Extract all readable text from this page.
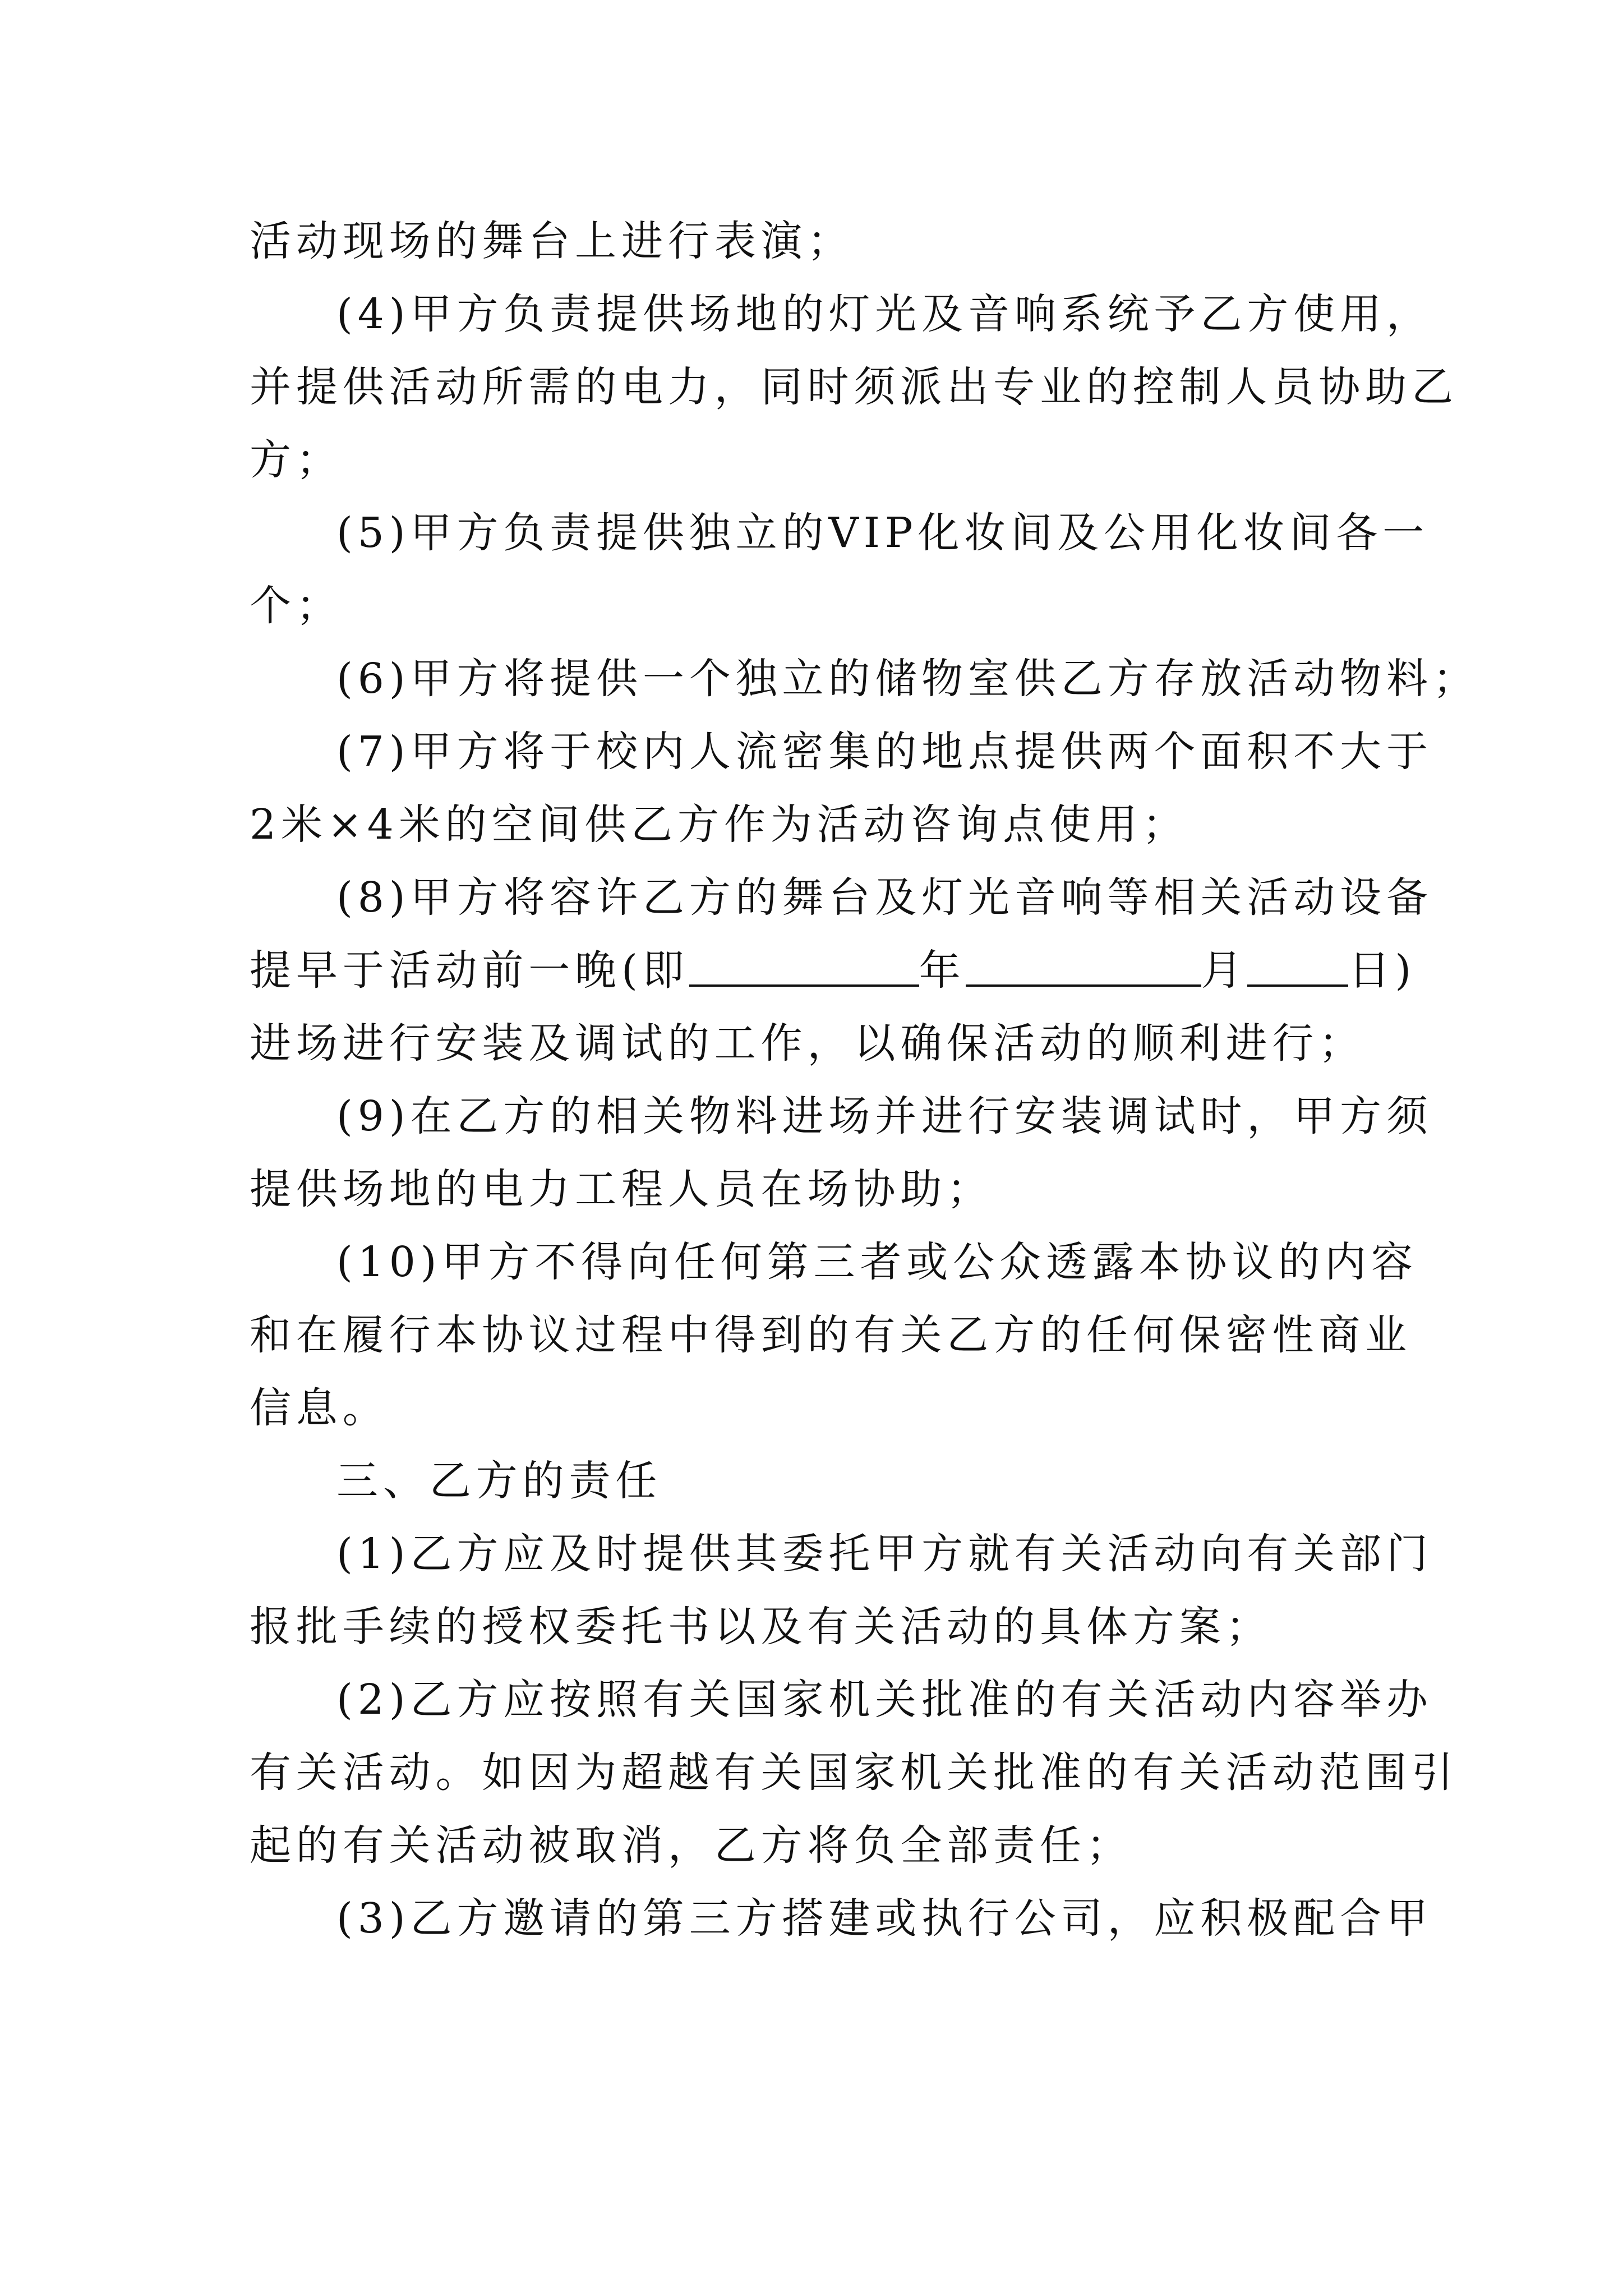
活动现场的舞台上进行表演；
(4)甲方负责提供场地的灯光及音响系统予乙方使用，
并提供活动所需的电力，同时须派出专业的控制人员协助乙
方；
(5)甲方负责提供独立的VIP化妆间及公用化妆间各一
个；
(6)甲方将提供一个独立的储物室供乙方存放活动物料；
(7)甲方将于校内人流密集的地点提供两个面积不大于
2米×4米的空间供乙方作为活动咨询点使用；
(8)甲方将容许乙方的舞台及灯光音响等相关活动设备
提早于活动前一晚(即	年	月 日)
进场进行安装及调试的工作，以确保活动的顺利进行；
(9)在乙方的相关物料进场并进行安装调试时，甲方须
提供场地的电力工程人员在场协助；
(10)甲方不得向任何第三者或公众透露本协议的内容
和在履行本协议过程中得到的有关乙方的任何保密性商业
信息。
三、乙方的责任
(1)乙方应及时提供其委托甲方就有关活动向有关部门
报批手续的授权委托书以及有关活动的具体方案；
(2)乙方应按照有关国家机关批准的有关活动内容举办
有关活动。如因为超越有关国家机关批准的有关活动范围引
起的有关活动被取消，乙方将负全部责任；
(3)乙方邀请的第三方搭建或执行公司，应积极配合甲
